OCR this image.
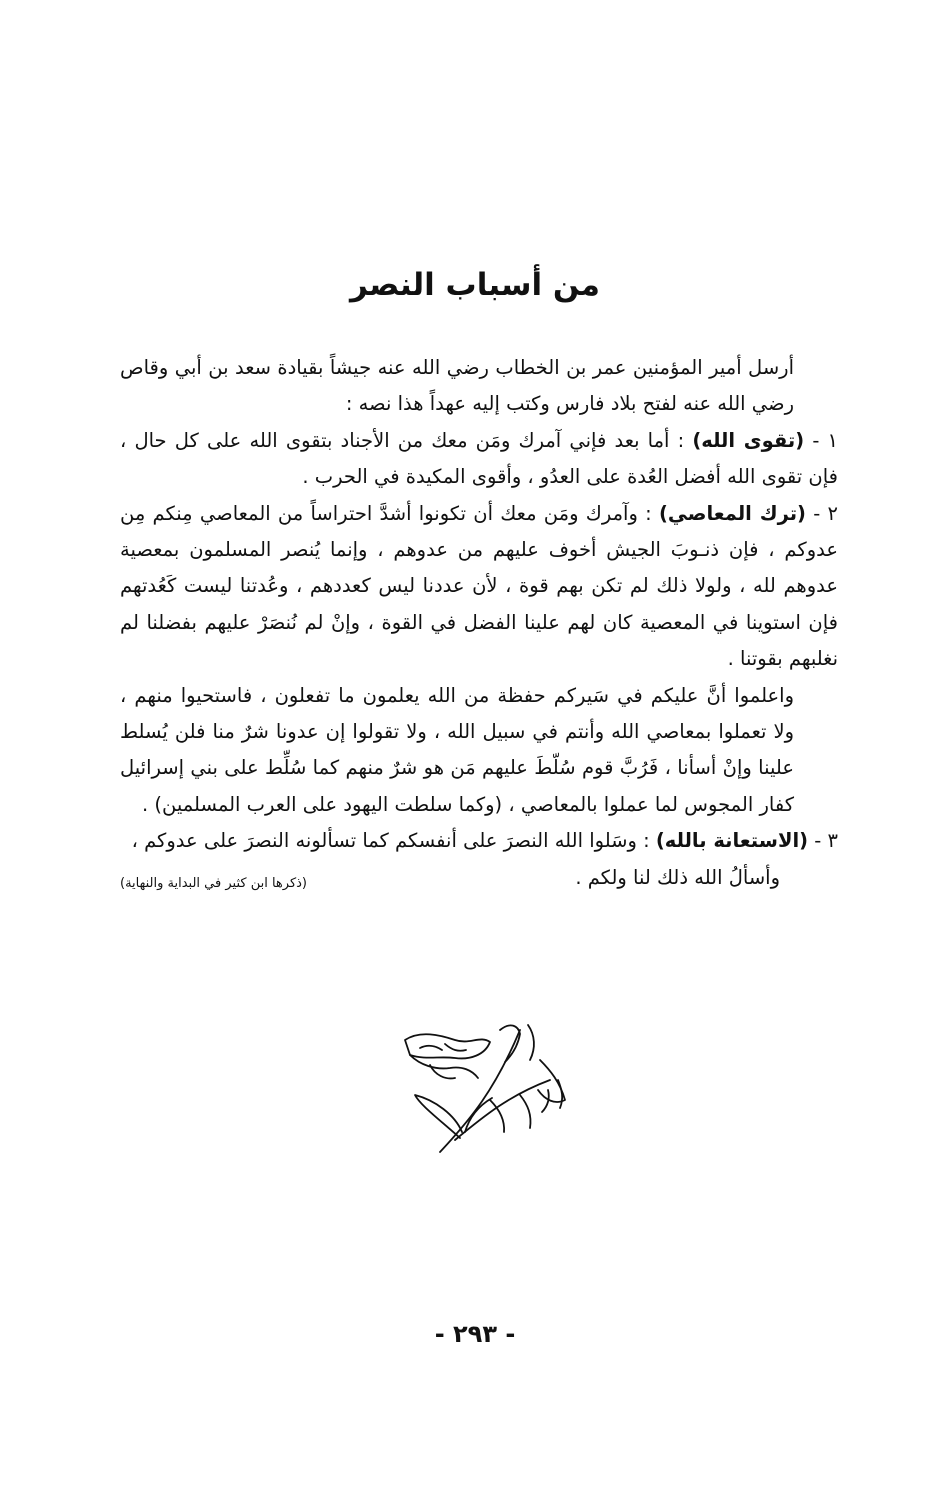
من أسباب النصر

أرسل أمير المؤمنين عمر بن الخطاب رضي الله عنه جيشاً بقيادة سعد بن أبي وقاص رضي الله عنه لفتح بلاد فارس وكتب إليه عهداً هذا نصه :

١ - (تقوى الله) : أما بعد فإني آمرك ومَن معك من الأجناد بتقوى الله على كل حال ، فإن تقوى الله أفضل العُدة على العدُو ، وأقوى المكيدة في الحرب .

٢ - (ترك المعاصي) : وآمرك ومَن معك أن تكونوا أشدَّ احتراساً من المعاصي مِنكم مِن عدوكم ، فإن ذنـوبَ الجيش أخوف عليهم من عدوهم ، وإنما يُنصر المسلمون بمعصية عدوهم لله ، ولولا ذلك لم تكن بهم قوة ، لأن عددنا ليس كعددهم ، وعُدتنا ليست كَعُدتهم فإن استوينا في المعصية كان لهم علينا الفضل في القوة ، وإنْ لم نُنصَرْ عليهم بفضلنا لم نغلبهم بقوتنا .

واعلموا أنَّ عليكم في سَيركم حفظة من الله يعلمون ما تفعلون ، فاستحيوا منهم ، ولا تعملوا بمعاصي الله وأنتم في سبيل الله ، ولا تقولوا إن عدونا شرٌ منا فلن يُسلط علينا وإنْ أسأنا ، فَرُبَّ قوم سُلّطَ عليهم مَن هو شرٌ منهم كما سُلِّط على بني إسرائيل كفار المجوس لما عملوا بالمعاصي ، (وكما سلطت اليهود على العرب المسلمين) .

٣ - (الاستعانة بالله) : وسَلوا الله النصرَ على أنفسكم كما تسألونه النصرَ على عدوكم ،

وأسألُ الله ذلك لنا ولكم .
(ذكرها ابن كثير في البداية والنهاية)
- ٢٩٣ -
